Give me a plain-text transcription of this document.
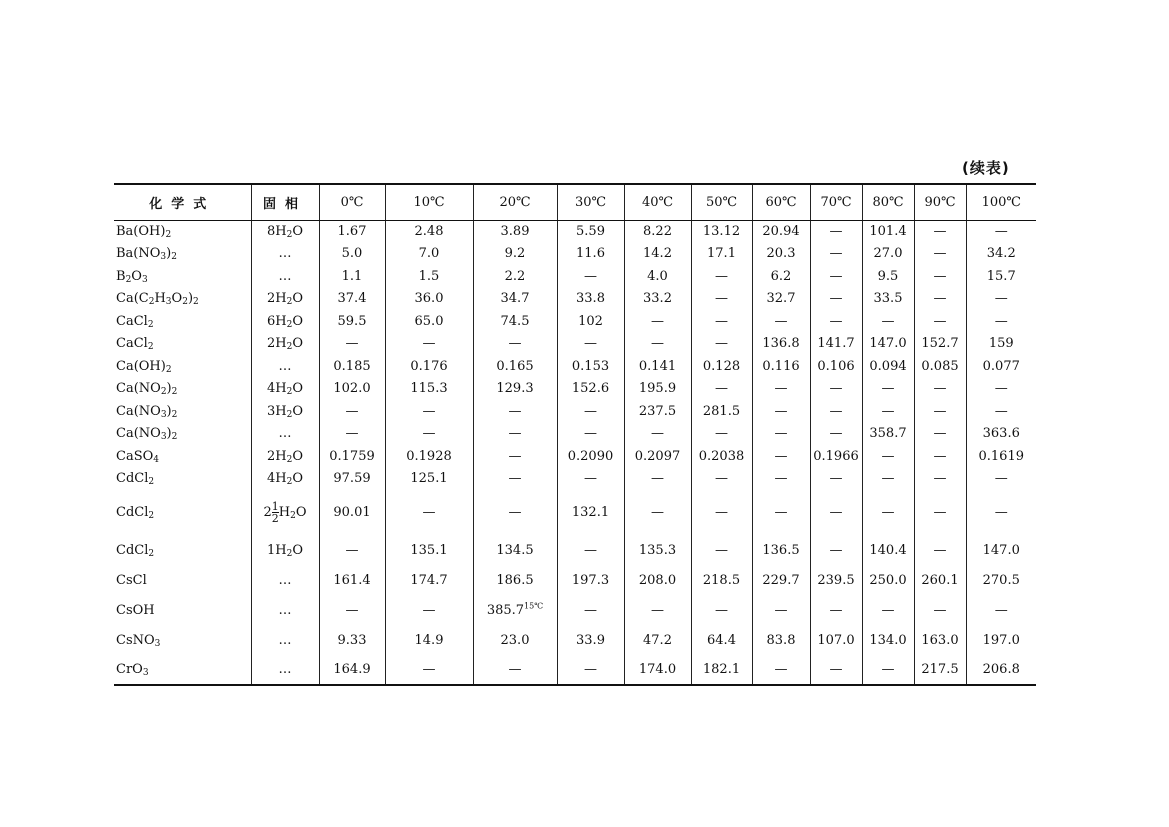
(续表)
化学式	固相	0℃	10℃	20℃	30℃	40℃	50℃	60℃	70℃	80℃	90℃	100℃
$Ba(OH)_2$	$8H_2O$	1.67	2.48	3.89	5.59	8.22	13.12	20.94	—	101.4	—	—
$Ba(NO_3)_2$	…	5.0	7.0	9.2	11.6	14.2	17.1	20.3	—	27.0	—	34.2
$B_2O_3$	…	1.1	1.5	2.2	—	4.0	—	6.2	—	9.5	—	15.7
$Ca(C_2H_3O_2)_2$	$2H_2O$	37.4	36.0	34.7	33.8	33.2	—	32.7	—	33.5	—	—
CaCl$_2$	$6H_2O$	59.5	65.0	74.5	102	—	—	—	—	—	—	—
CaCl$_2$	$2H_2O$	—	—	—	—	—	—	136.8	141.7	147.0	152.7	159
$Ca(OH)_2$	…	0.185	0.176	0.165	0.153	0.141	0.128	0.116	0.106	0.094	0.085	0.077
$Ca(NO_2)_2$	$4H_2O$	102.0	115.3	129.3	152.6	195.9	—	—	—	—	—	—
$Ca(NO_3)_2$	$3H_2O$	—	—	—	—	237.5	281.5	—	—	—	—	—
$Ca(NO_3)_2$	…	—	—	—	—	—	—	—	—	358.7	—	363.6
CaSO$_4$	$2H_2O$	0.1759	0.1928	—	0.2090	0.2097	0.2038	—	0.1966	—	—	0.1619
CdCl$_2$	$4H_2O$	97.59	125.1	—	—	—	—	—	—	—	—	—
CdCl$_2$	$2 \frac{1}{2} H_2O$	90.01	—	—	132.1	—	—	—	—	—	—	—
CdCl$_2$	$1H_2O$	—	135.1	134.5	—	135.3	—	136.5	—	140.4	—	147.0
CsCl	…	161.4	174.7	186.5	197.3	208.0	218.5	229.7	239.5	250.0	260.1	270.5
CsOH	…	—	—	$385.7^{15℃}$	—	—	—	—	—	—	—	—
CsNO$_3$	…	9.33	14.9	23.0	33.9	47.2	64.4	83.8	107.0	134.0	163.0	197.0
CrO$_3$	…	164.9	—	—	—	174.0	182.1	—	—	—	217.5	206.8
